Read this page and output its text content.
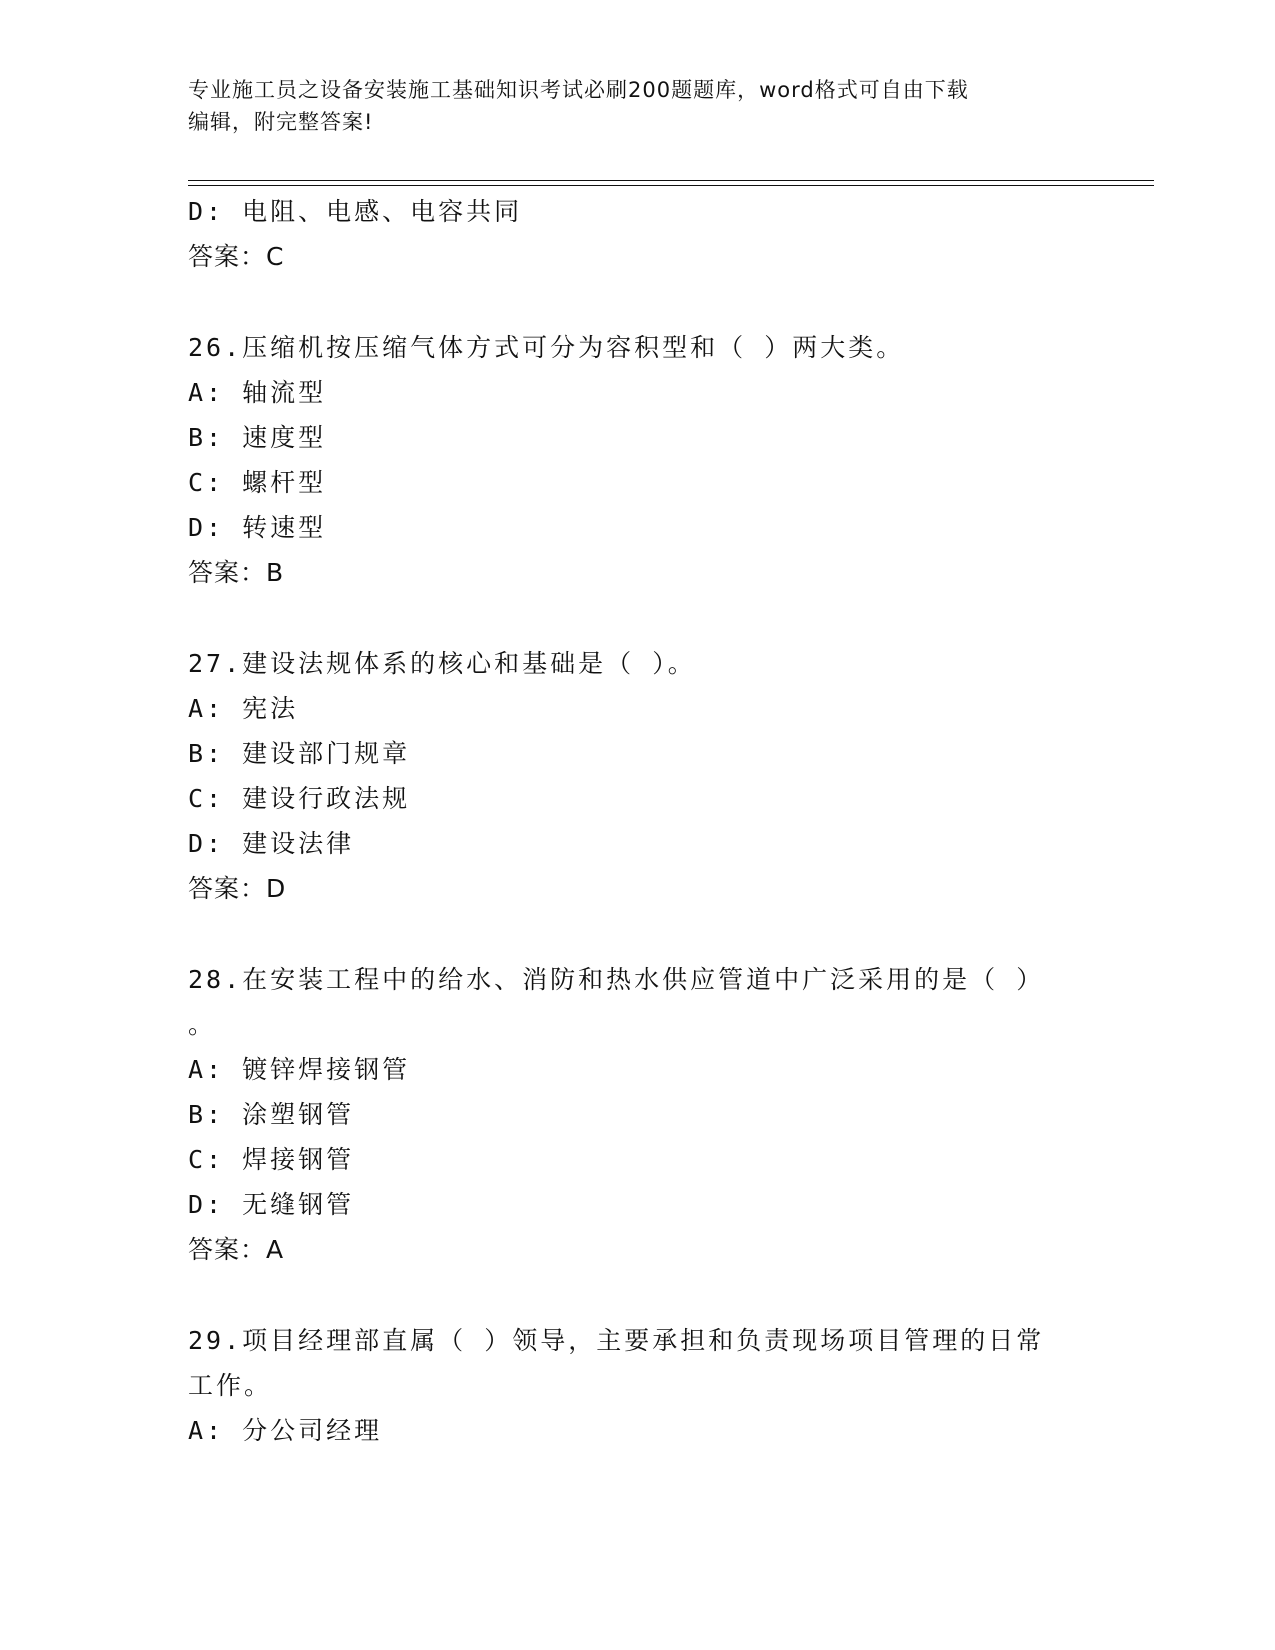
专业施工员之设备安装施工基础知识考试必刷200题题库，word格式可自由下载
编辑，附完整答案!
D: 电阻、电感、电容共同
答案：C
26.压缩机按压缩气体方式可分为容积型和（ ）两大类。
A: 轴流型
B: 速度型
C: 螺杆型
D: 转速型
答案：B
27.建设法规体系的核心和基础是（ ）。
A: 宪法
B: 建设部门规章
C: 建设行政法规
D: 建设法律
答案：D
28.在安装工程中的给水、消防和热水供应管道中广泛采用的是（ ）
。
A: 镀锌焊接钢管
B: 涂塑钢管
C: 焊接钢管
D: 无缝钢管
答案：A
29.项目经理部直属（ ）领导，主要承担和负责现场项目管理的日常
工作。
A: 分公司经理
